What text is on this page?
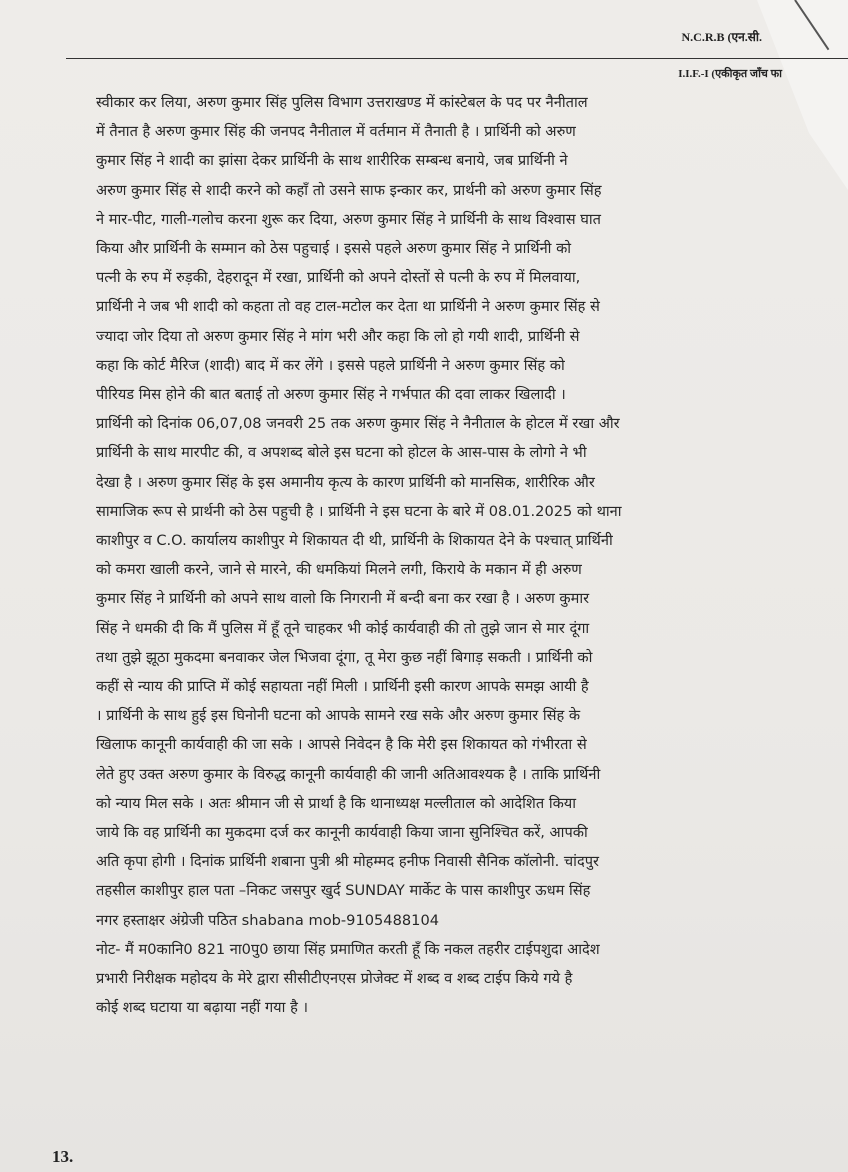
N.C.R.B (एन.सी.
I.I.F.-I (एकीकृत जाँच फा
स्वीकार कर लिया, अरुण कुमार सिंह पुलिस विभाग उत्तराखण्ड में कांस्टेबल के पद पर नैनीताल
में तैनात है अरुण कुमार सिंह की जनपद नैनीताल में वर्तमान में तैनाती है । प्रार्थिनी को अरुण
कुमार सिंह ने शादी का झांसा देकर प्रार्थिनी के साथ शारीरिक सम्बन्ध बनाये, जब प्रार्थिनी ने
अरुण कुमार सिंह से शादी करने को कहाँ तो उसने साफ इन्कार कर, प्रार्थनी को अरुण कुमार सिंह
ने मार-पीट, गाली-गलोच करना शुरू कर दिया, अरुण कुमार सिंह ने प्रार्थिनी के साथ विश्वास घात
किया और प्रार्थिनी के सम्मान को ठेस पहुचाई । इससे पहले अरुण कुमार सिंह ने प्रार्थिनी को
पत्नी के रुप में रुड़की, देहरादून में रखा, प्रार्थिनी को अपने दोस्तों से पत्नी के रुप में मिलवाया,
प्रार्थिनी ने जब भी शादी को कहता तो वह टाल-मटोल कर देता था प्रार्थिनी ने अरुण कुमार सिंह से
ज्यादा जोर दिया तो अरुण कुमार सिंह ने मांग भरी और कहा कि लो हो गयी शादी, प्रार्थिनी से
कहा कि कोर्ट मैरिज (शादी) बाद में कर लेंगे । इससे पहले प्रार्थिनी ने अरुण कुमार सिंह को
पीरियड मिस होने की बात बताई तो अरुण कुमार सिंह ने गर्भपात की दवा लाकर खिलादी ।
प्रार्थिनी को दिनांक 06,07,08 जनवरी 25 तक अरुण कुमार सिंह ने नैनीताल के होटल में रखा और
प्रार्थिनी के साथ मारपीट की, व अपशब्द बोले इस घटना को होटल के आस-पास के लोगो ने भी
देखा है । अरुण कुमार सिंह के इस अमानीय कृत्य के कारण प्रार्थिनी को मानसिक, शारीरिक और
सामाजिक रूप से प्रार्थनी को ठेस पहुची है । प्रार्थिनी ने इस घटना के बारे में 08.01.2025 को थाना
काशीपुर व C.O. कार्यालय काशीपुर मे शिकायत दी थी, प्रार्थिनी के शिकायत देने के पश्चात् प्रार्थिनी
को कमरा खाली करने, जाने से मारने, की धमकियां मिलने लगी, किराये के मकान में ही अरुण
कुमार सिंह ने प्रार्थिनी को अपने साथ वालो कि निगरानी में बन्दी बना कर रखा है । अरुण कुमार
सिंह ने धमकी दी कि मैं पुलिस में हूँ तूने चाहकर भी कोई कार्यवाही की तो तुझे जान से मार दूंगा
तथा तुझे झूठा मुकदमा बनवाकर जेल भिजवा दूंगा, तू मेरा कुछ नहीं बिगाड़ सकती । प्रार्थिनी को
कहीं से न्याय की प्राप्ति में कोई सहायता नहीं मिली । प्रार्थिनी इसी कारण आपके समझ आयी है
। प्रार्थिनी के साथ हुई इस घिनोनी घटना को आपके सामने रख सके और अरुण कुमार सिंह के
खिलाफ कानूनी कार्यवाही की जा सके । आपसे निवेदन है कि मेरी इस शिकायत को गंभीरता से
लेते हुए उक्त अरुण कुमार के विरुद्ध कानूनी कार्यवाही की जानी अतिआवश्यक है । ताकि प्रार्थिनी
को न्याय मिल सके । अतः श्रीमान जी से प्रार्था है कि थानाध्यक्ष मल्लीताल को आदेशित किया
जाये कि वह प्रार्थिनी का मुकदमा दर्ज कर कानूनी कार्यवाही किया जाना सुनिश्चित करें, आपकी
अति कृपा होगी । दिनांक प्रार्थिनी शबाना पुत्री श्री मोहम्मद हनीफ निवासी सैनिक कॉलोनी. चांदपुर
तहसील काशीपुर हाल पता –निकट जसपुर खुर्द SUNDAY मार्केट के पास काशीपुर ऊधम सिंह
नगर हस्ताक्षर अंग्रेजी पठित shabana mob-9105488104
नोट- मैं म0कानि0 821 ना0पु0 छाया सिंह प्रमाणित करती हूँ कि नकल तहरीर टाईपशुदा आदेश
प्रभारी निरीक्षक महोदय के मेरे द्वारा सीसीटीएनएस प्रोजेक्ट में शब्द व शब्द टाईप किये गये है
कोई शब्द घटाया या बढ़ाया नहीं गया है ।
13.
